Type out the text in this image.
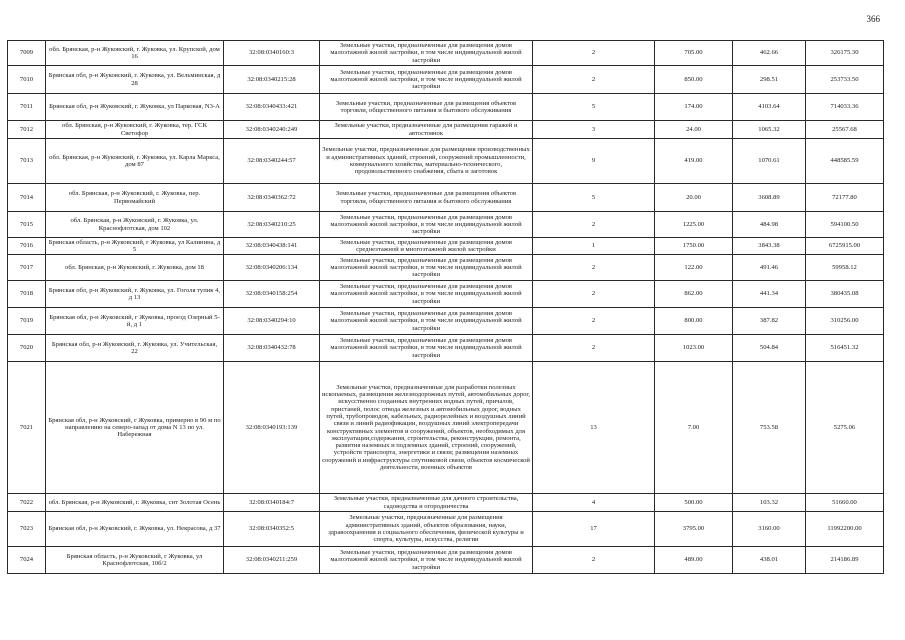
366
7009	обл. Брянская, р-н Жуковский, г. Жуковка, ул. Крупской, дом 16	32:08:0340160:3	Земельные участки, предназначенные для размещения домов малоэтажной жилой застройки, в том числе индивидуальной жилой застройки	2	705.00	462.66	326175.30
7010	Брянская обл, р-н Жуковский, г. Жуковка, ул. Вельминская, д 28	32:08:0340215:28	Земельные участки, предназначенные для размещения домов малоэтажной жилой застройки, в том числе индивидуальной жилой застройки	2	850.00	298.51	253733.50
7011	Брянская обл, р-н Жуковский, г. Жуковка, ул Парковая, N3-A	32:08:0340433:421	Земельные участки, предназначенные для размещения объектов торговли, общественного питания и бытового обслуживания	5	174.00	4103.64	714033.36
7012	обл. Брянская, р-н Жуковский, г. Жуковка, тер. ГСК Светофор	32:08:0340240:249	Земельные участки, предназначенные для размещения гаражей и автостоянок	3	24.00	1065.32	25567.68
7013	обл. Брянская, р-н Жуковский, г. Жуковка, ул. Карла Маркса, дом 87	32:08:0340244:57	Земельные участки, предназначенные для размещения производственных и административных зданий, строений, сооружений промышленности, коммунального хозяйства, материально-технического, продовольственного снабжения, сбыта и заготовок	9	419.00	1070.61	448585.59
7014	обл. Брянская, р-н Жуковский, г. Жуковка, пер. Первомайский	32:08:0340362:72	Земельные участки, предназначенные для размещения объектов торговли, общественного питания и бытового обслуживания	5	20.00	3608.89	72177.80
7015	обл. Брянская, р-н Жуковский, г. Жуковка, ул. Краснофлотская, дом 102	32:08:0340210:25	Земельные участки, предназначенные для размещения домов малоэтажной жилой застройки, в том числе индивидуальной жилой застройки	2	1225.00	484.98	594100.50
7016	Брянская область, р-н Жуковский, г Жуковка, ул Калинина, д 5	32:08:0340438:141	Земельные участки, предназначенные для размещения домов среднеэтажной и многоэтажной жилой застройки	1	1750.00	3843.38	6725915.00
7017	обл. Брянская, р-н Жуковский, г. Жуковка, дом 18	32:08:0340206:134	Земельные участки, предназначенные для размещения домов малоэтажной жилой застройки, в том числе индивидуальной жилой застройки	2	122.00	491.46	59958.12
7018	Брянская обл, р-н Жуковский, г. Жуковка, ул. Гоголя тупик 4, д 13	32:08:0340158:254	Земельные участки, предназначенные для размещения домов малоэтажной жилой застройки, в том числе индивидуальной жилой застройки	2	862.00	441.34	380435.08
7019	Брянская обл, р-н Жуковский, г Жуковка, проезд Озерный 5-й, д 1	32:08:0340294:10	Земельные участки, предназначенные для размещения домов малоэтажной жилой застройки, в том числе индивидуальной жилой застройки	2	800.00	387.82	310256.00
7020	Брянская обл, р-н Жуковский, г. Жуковка, ул. Учительская, 22	32:08:0340432:78	Земельные участки, предназначенные для размещения домов малоэтажной жилой застройки, в том числе индивидуальной жилой застройки	2	1023.00	504.84	516451.32
7021	Брянская обл, р-н Жуковский, г Жуковка, примерно в 90 м по направлению на северо-запад от дома N 13 по ул. Набережная	32:08:0340193:139	Земельные участки, предназначенные для разработки полезных ископаемых, размещения железнодорожных путей, автомобильных дорог, искусственно созданных внутренних водных путей, причалов, пристаней, полос отвода железных и автомобильных дорог, водных путей, трубопроводов, кабельных, радиорелейных и воздушных линий связи и линий радиофикации, воздушных линий электропередачи конструктивных элементов и сооружений, объектов, необходимых для эксплуатации,содержания, строительства, реконструкции, ремонта, развития наземных и подземных зданий, строений, сооружений, устройств транспорта, энергетики и связи; размещения наземных сооружений и инфраструктуры спутниковой связи, объектов космической деятельности, военных объектов	13	7.00	753.58	5275.06
7022	обл. Брянская, р-н Жуковский, г. Жуковка, снт Золотая Осень	32:08:0340184:7	Земельные участки, предназначенные для дачного строительства, садоводства и огородничества	4	500.00	103.32	51660.00
7023	Брянская обл, р-н Жуковский, г. Жуковка, ул. Некрасова, д 37	32:08:0340352:5	Земельные участки, предназначенные для размещения административных зданий, объектов образования, науки, здравоохранения и социального обеспечения, физической культуры и спорта, культуры, искусства, религии	17	3795.00	3160.00	11992200.00
7024	Брянская область, р-н Жуковский, г Жуковка, ул Краснофлотская, 10б/2	32:08:0340211:259	Земельные участки, предназначенные для размещения домов малоэтажной жилой застройки, в том числе индивидуальной жилой застройки	2	489.00	438.01	214186.89
